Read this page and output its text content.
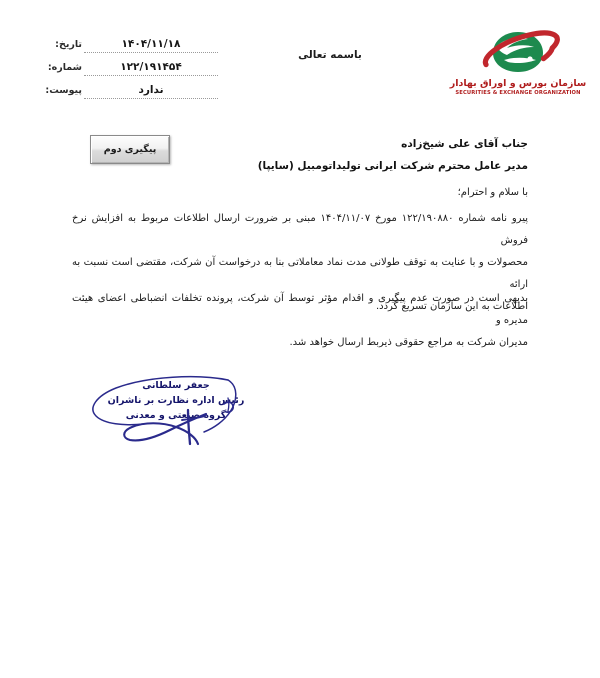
تاریخ:	۱۴۰۴/۱۱/۱۸
شماره:	۱۲۲/۱۹۱۴۵۴
پیوست:	ندارد
باسمه تعالی
سازمان بورس و اوراق بهادار
SECURITIES & EXCHANGE ORGANIZATION
جناب آقای علی شیخ‌زاده
مدیر عامل محترم شرکت ایرانی تولیداتومبیل (سایپا)
پیگیری دوم
با سلام و احترام؛
پیرو نامه شماره ۱۲۲/۱۹۰۸۸۰ مورخ ۱۴۰۴/۱۱/۰۷ مبنی بر ضرورت ارسال اطلاعات مربوط به افزایش نرخ فروش
محصولات و با عنایت به توقف طولانی مدت نماد معاملاتی بنا به درخواست آن شرکت، مقتضی است نسبت به ارائه
اطلاعات به این سازمان تسریع گردد.
بدیهی است در صورت عدم پیگیری و اقدام مؤثر توسط آن شرکت، پرونده تخلفات انضباطی اعضای هیئت مدیره و
مدیران شرکت به مراجع حقوقی ذیربط ارسال خواهد شد.
جعفر سلطانی
رئیس اداره نظارت بر ناشران
گروه صنعتی و معدنی
